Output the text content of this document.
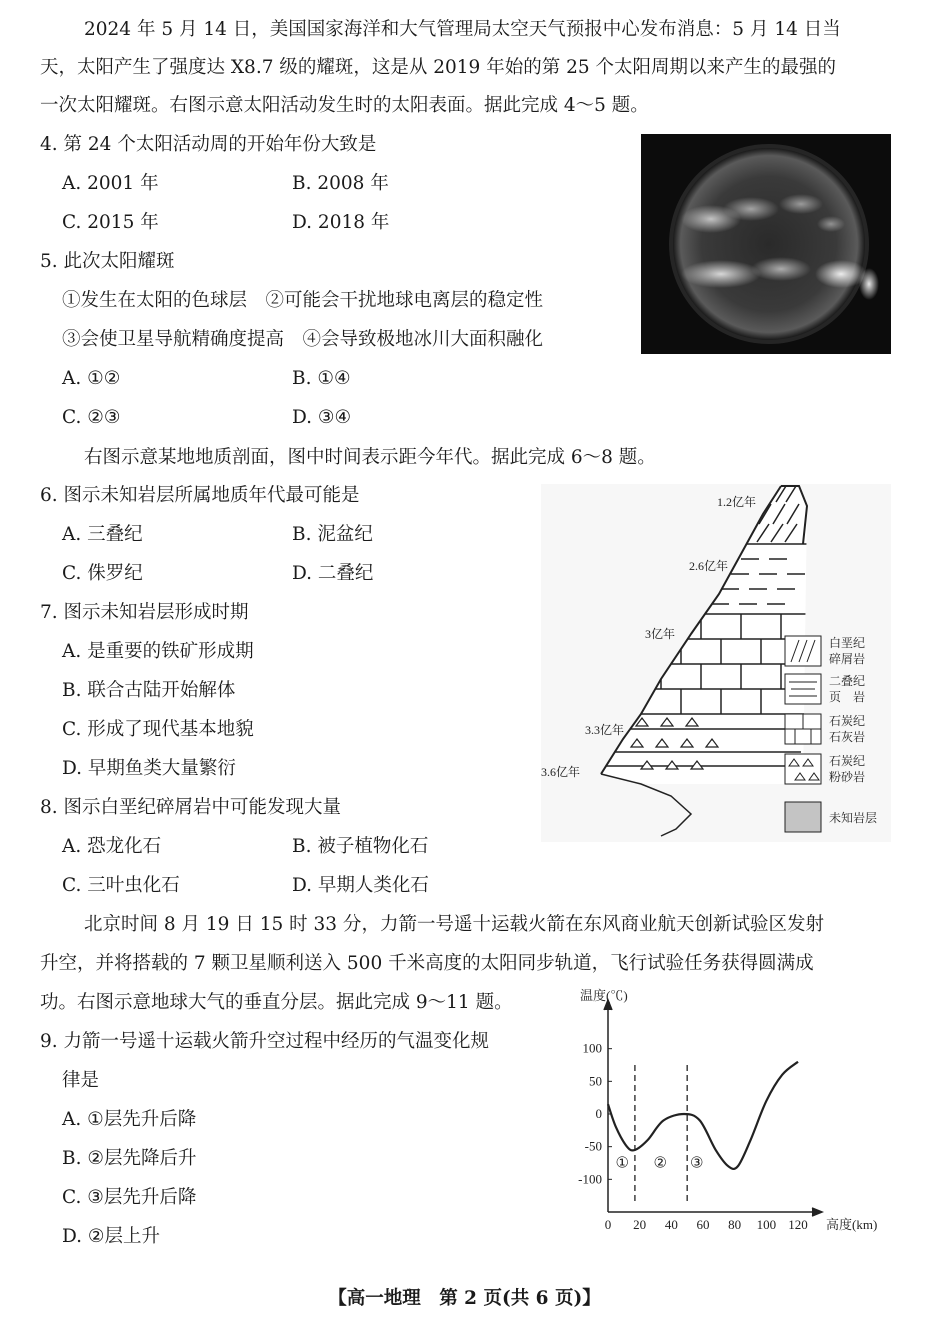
2024 年 5 月 14 日，美国国家海洋和大气管理局太空天气预报中心发布消息：5 月 14 日当
天，太阳产生了强度达 X8.7 级的耀斑，这是从 2019 年始的第 25 个太阳周期以来产生的最强的
一次太阳耀斑。右图示意太阳活动发生时的太阳表面。据此完成 4～5 题。
4. 第 24 个太阳活动周的开始年份大致是
A. 2001 年	B. 2008 年
C. 2015 年	D. 2018 年
5. 此次太阳耀斑
①发生在太阳的色球层　②可能会干扰地球电离层的稳定性
③会使卫星导航精确度提高　④会导致极地冰川大面积融化
A. ①②	B. ①④
C. ②③	D. ③④
右图示意某地地质剖面，图中时间表示距今年代。据此完成 6～8 题。
6. 图示未知岩层所属地质年代最可能是
A. 三叠纪	B. 泥盆纪
C. 侏罗纪	D. 二叠纪
7. 图示未知岩层形成时期
A. 是重要的铁矿形成期
B. 联合古陆开始解体
C. 形成了现代基本地貌
D. 早期鱼类大量繁衍
8. 图示白垩纪碎屑岩中可能发现大量
A. 恐龙化石	B. 被子植物化石
C. 三叶虫化石	D. 早期人类化石
1.2亿年
2.6亿年
3亿年
3.3亿年
3.6亿年
白垩纪
碎屑岩
二叠纪
页　岩
石炭纪
石灰岩
石炭纪
粉砂岩
未知岩层
北京时间 8 月 19 日 15 时 33 分，力箭一号遥十运载火箭在东风商业航天创新试验区发射
升空，并将搭载的 7 颗卫星顺利送入 500 千米高度的太阳同步轨道，飞行试验任务获得圆满成
功。右图示意地球大气的垂直分层。据此完成 9～11 题。
9. 力箭一号遥十运载火箭升空过程中经历的气温变化规
律是
A. ①层先升后降
B. ②层先降后升
C. ③层先升后降
D. ②层上升
100
50
0
-50
-100
0 20 40 60 80 100 120
① ② ③
温度(℃)
高度(km)
【高一地理　第 2 页(共 6 页)】
